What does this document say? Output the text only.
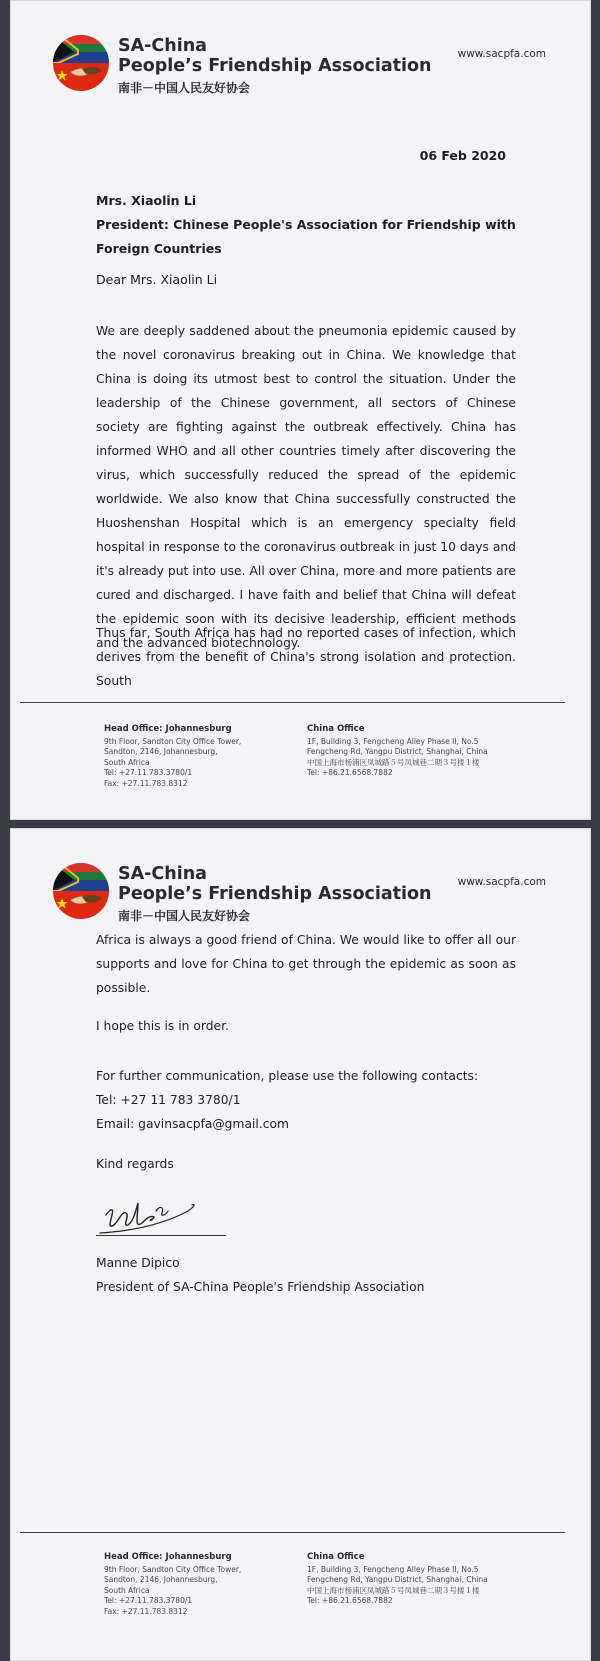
SA-China
People’s Friendship Association
南非－中国人民友好协会
www.sacpfa.com
06 Feb 2020
Mrs. Xiaolin Li
President: Chinese People's Association for Friendship with Foreign Countries
Dear Mrs. Xiaolin Li
We are deeply saddened about the pneumonia epidemic caused by the novel coronavirus breaking out in China. We knowledge that China is doing its utmost best to control the situation. Under the leadership of the Chinese government, all sectors of Chinese society are fighting against the outbreak effectively. China has informed WHO and all other countries timely after discovering the virus, which successfully reduced the spread of the epidemic worldwide. We also know that China successfully constructed the Huoshenshan Hospital which is an emergency specialty field hospital in response to the coronavirus outbreak in just 10 days and it's already put into use. All over China, more and more patients are cured and discharged. I have faith and belief that China will defeat the epidemic soon with its decisive leadership, efficient methods and the advanced biotechnology.
Thus far, South Africa has had no reported cases of infection, which derives from the benefit of China's strong isolation and protection. South
Head Office: Johannesburg
9th Floor, Sandton City Office Tower,
Sandton, 2146, Johannesburg,
South Africa
Tel: +27.11.783.3780/1
Fax: +27.11.783.8312
China Office
1F, Building 3, Fengcheng Alley Phase II, No.5
Fengcheng Rd, Yangpu District, Shanghai, China
中国上海市杨浦区凤城路５号凤城巷二期３号楼１楼
Tel: +86.21.6568.7882
SA-China
People’s Friendship Association
南非－中国人民友好协会
www.sacpfa.com
Africa is always a good friend of China. We would like to offer all our supports and love for China to get through the epidemic as soon as possible.
I hope this is in order.
For further communication, please use the following contacts:
Tel: +27 11 783 3780/1
Email: gavinsacpfa@gmail.com
Kind regards
Manne Dipico
President of SA-China People's Friendship Association
Head Office: Johannesburg
9th Floor, Sandton City Office Tower,
Sandton, 2146, Johannesburg,
South Africa
Tel: +27.11.783.3780/1
Fax: +27.11.783.8312
China Office
1F, Building 3, Fengcheng Alley Phase II, No.5
Fengcheng Rd, Yangpu District, Shanghai, China
中国上海市杨浦区凤城路５号凤城巷二期３号楼１楼
Tel: +86.21.6568.7882
